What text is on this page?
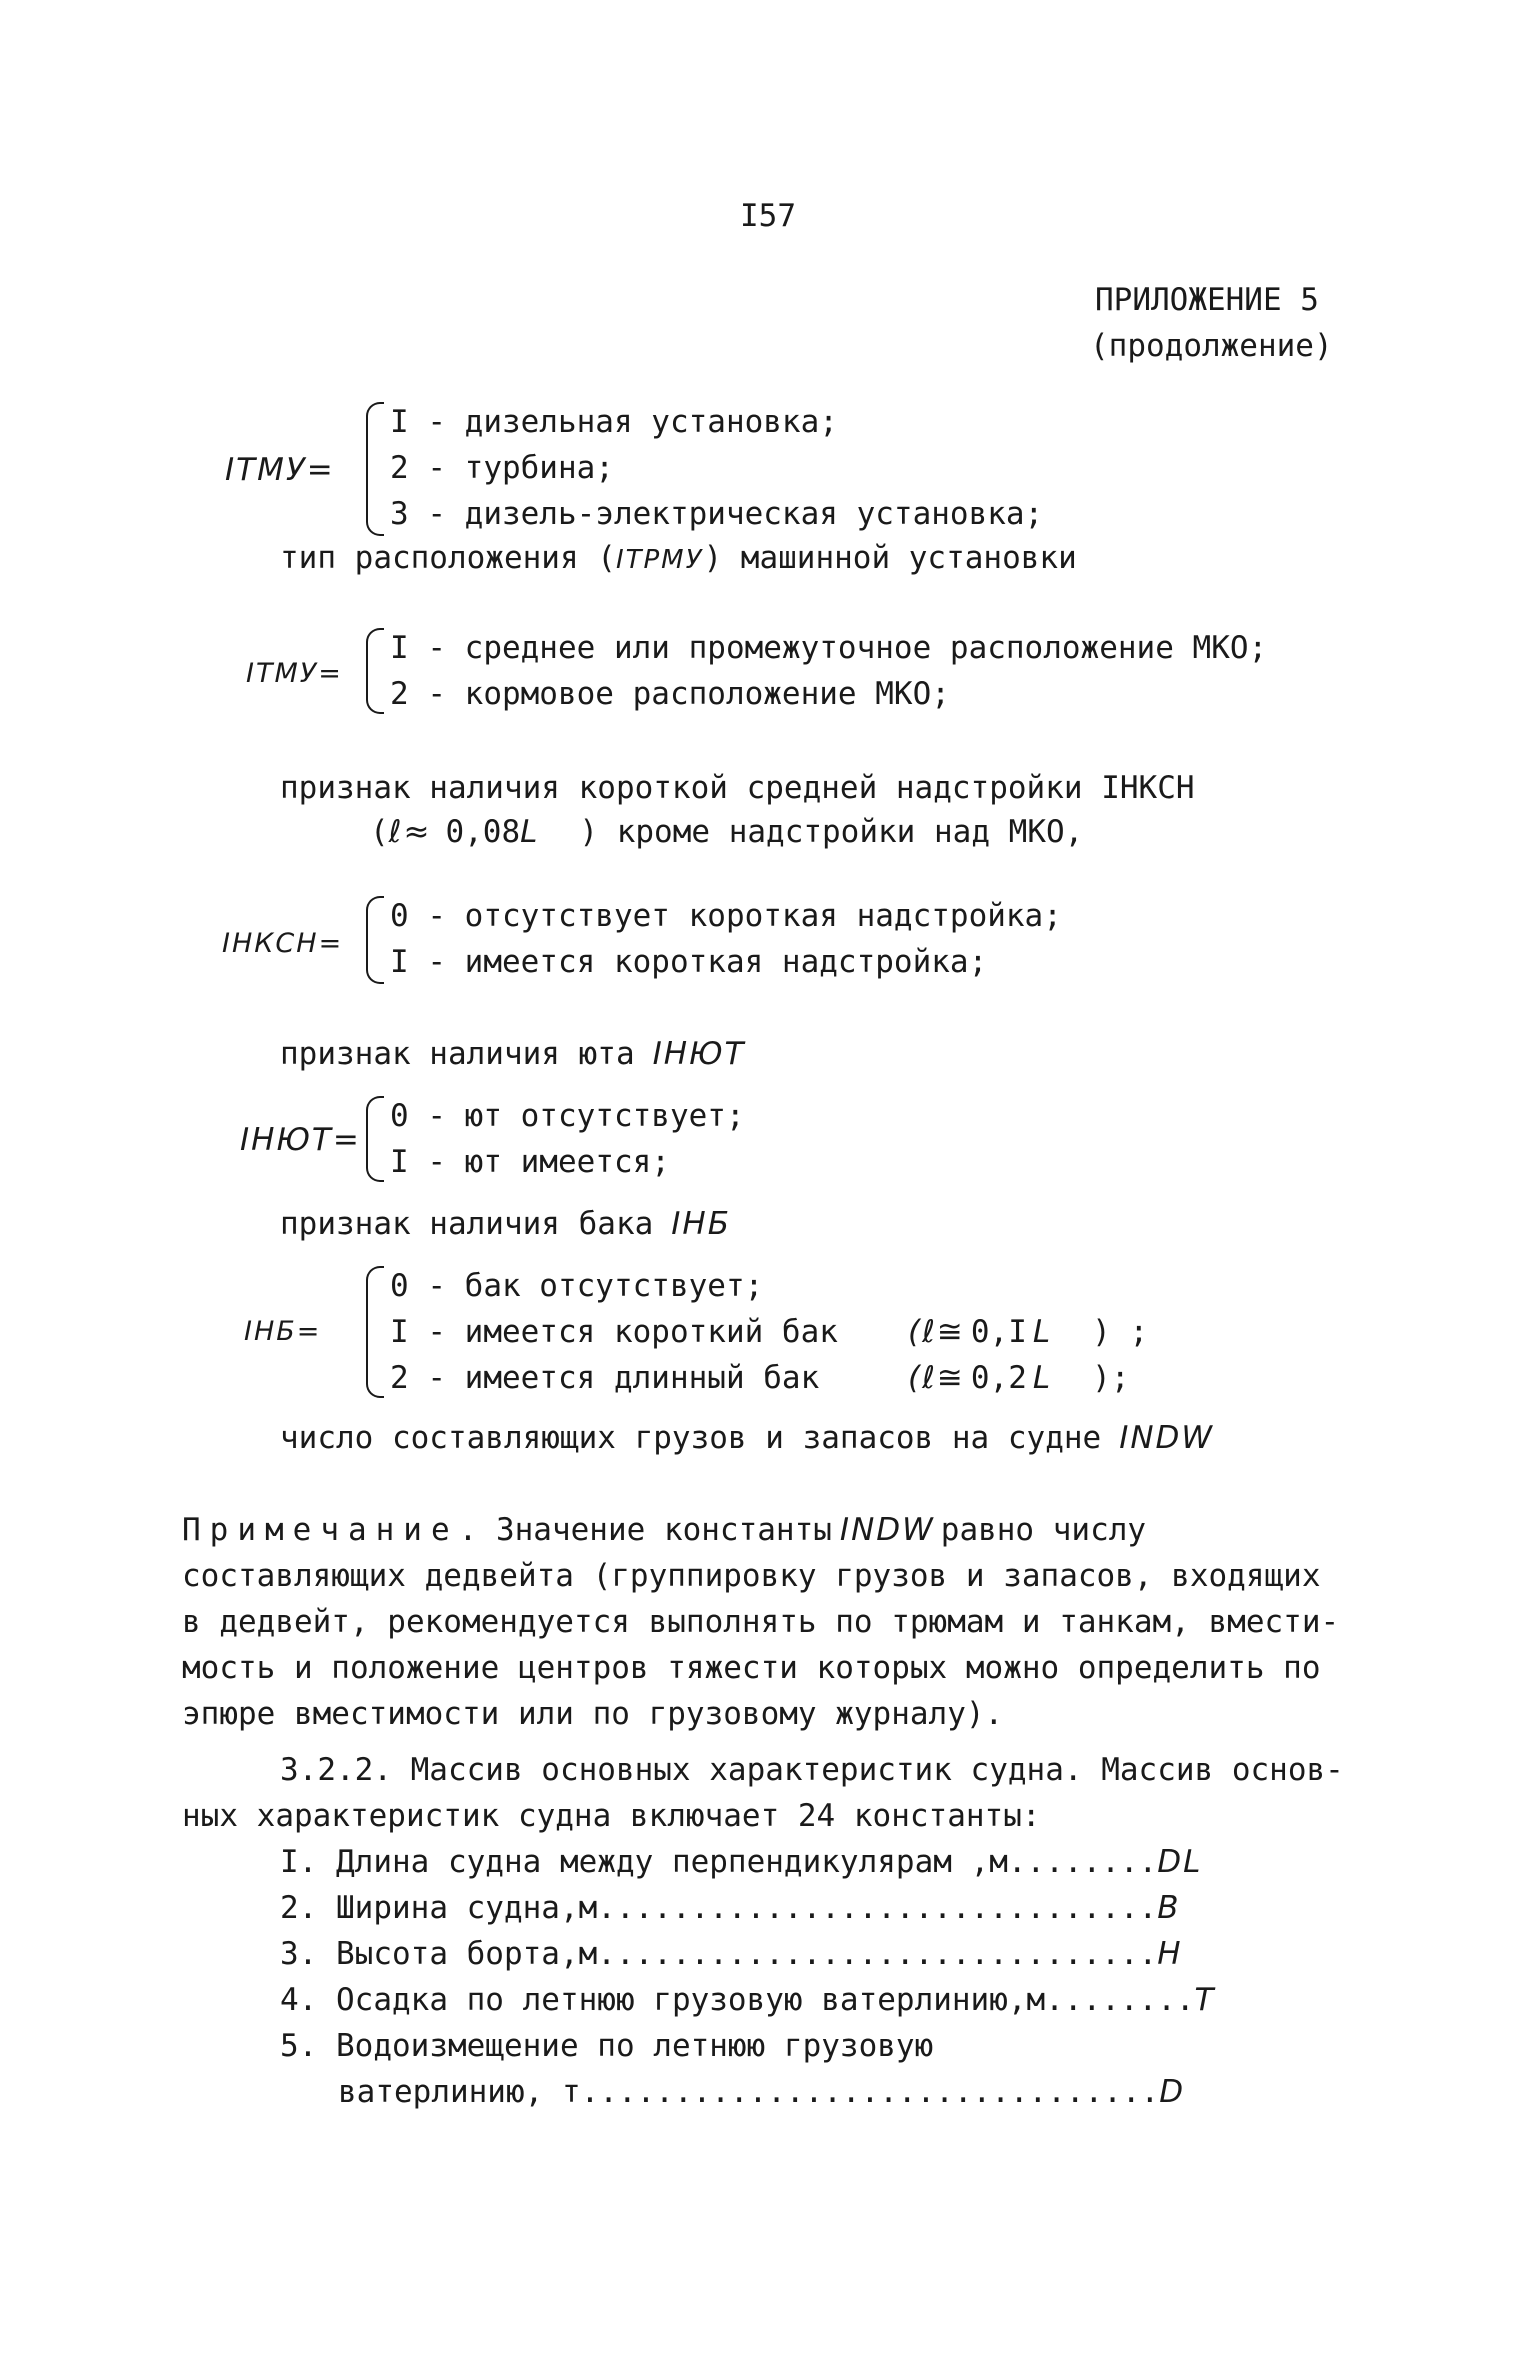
I57
ПРИЛОЖЕНИЕ 5
(продолжение)
ITMУ=
I - дизельная установка;
2 - турбина;
3 - дизель-электрическая установка;
тип расположения (ITPMУ) машинной установки
ITMУ=
I - среднее или промежуточное расположение МКО;
2 - кормовое расположение МКО;
признак наличия короткой средней надстройки IНКСН
(ℓ≈ 0,08L ) кроме надстройки над МКО,
IНКСН=
0 - отсутствует короткая надстройка;
I - имеется короткая надстройка;
признак наличия юта IНЮТ
IНЮТ=
0 - ют отсутствует;
I - ют имеется;
признак наличия бака IНБ
IНБ=
0 - бак отсутствует;
I - имеется короткий бак
2 - имеется длинный бак
(ℓ≅ 0,I L ) ;
(ℓ≅ 0,2 L );
число составляющих грузов и запасов на судне INDW
Примечание. Значение константы INDW равно числу
составляющих дедвейта (группировку грузов и запасов, входящих
в дедвейт, рекомендуется выполнять по трюмам и танкам, вмести-
мость и положение центров тяжести которых можно определить по
эпюре вместимости или по грузовому журналу).
3.2.2. Массив основных характеристик судна. Массив основ-
ных характеристик судна включает 24 константы:
I. Длина судна между перпендикулярам ,м........DL
2. Ширина судна,м..............................B
3. Высота борта,м..............................H
4. Осадка по летнюю грузовую ватерлинию,м........T
5. Водоизмещение по летнюю грузовую
ватерлинию, т...............................D
